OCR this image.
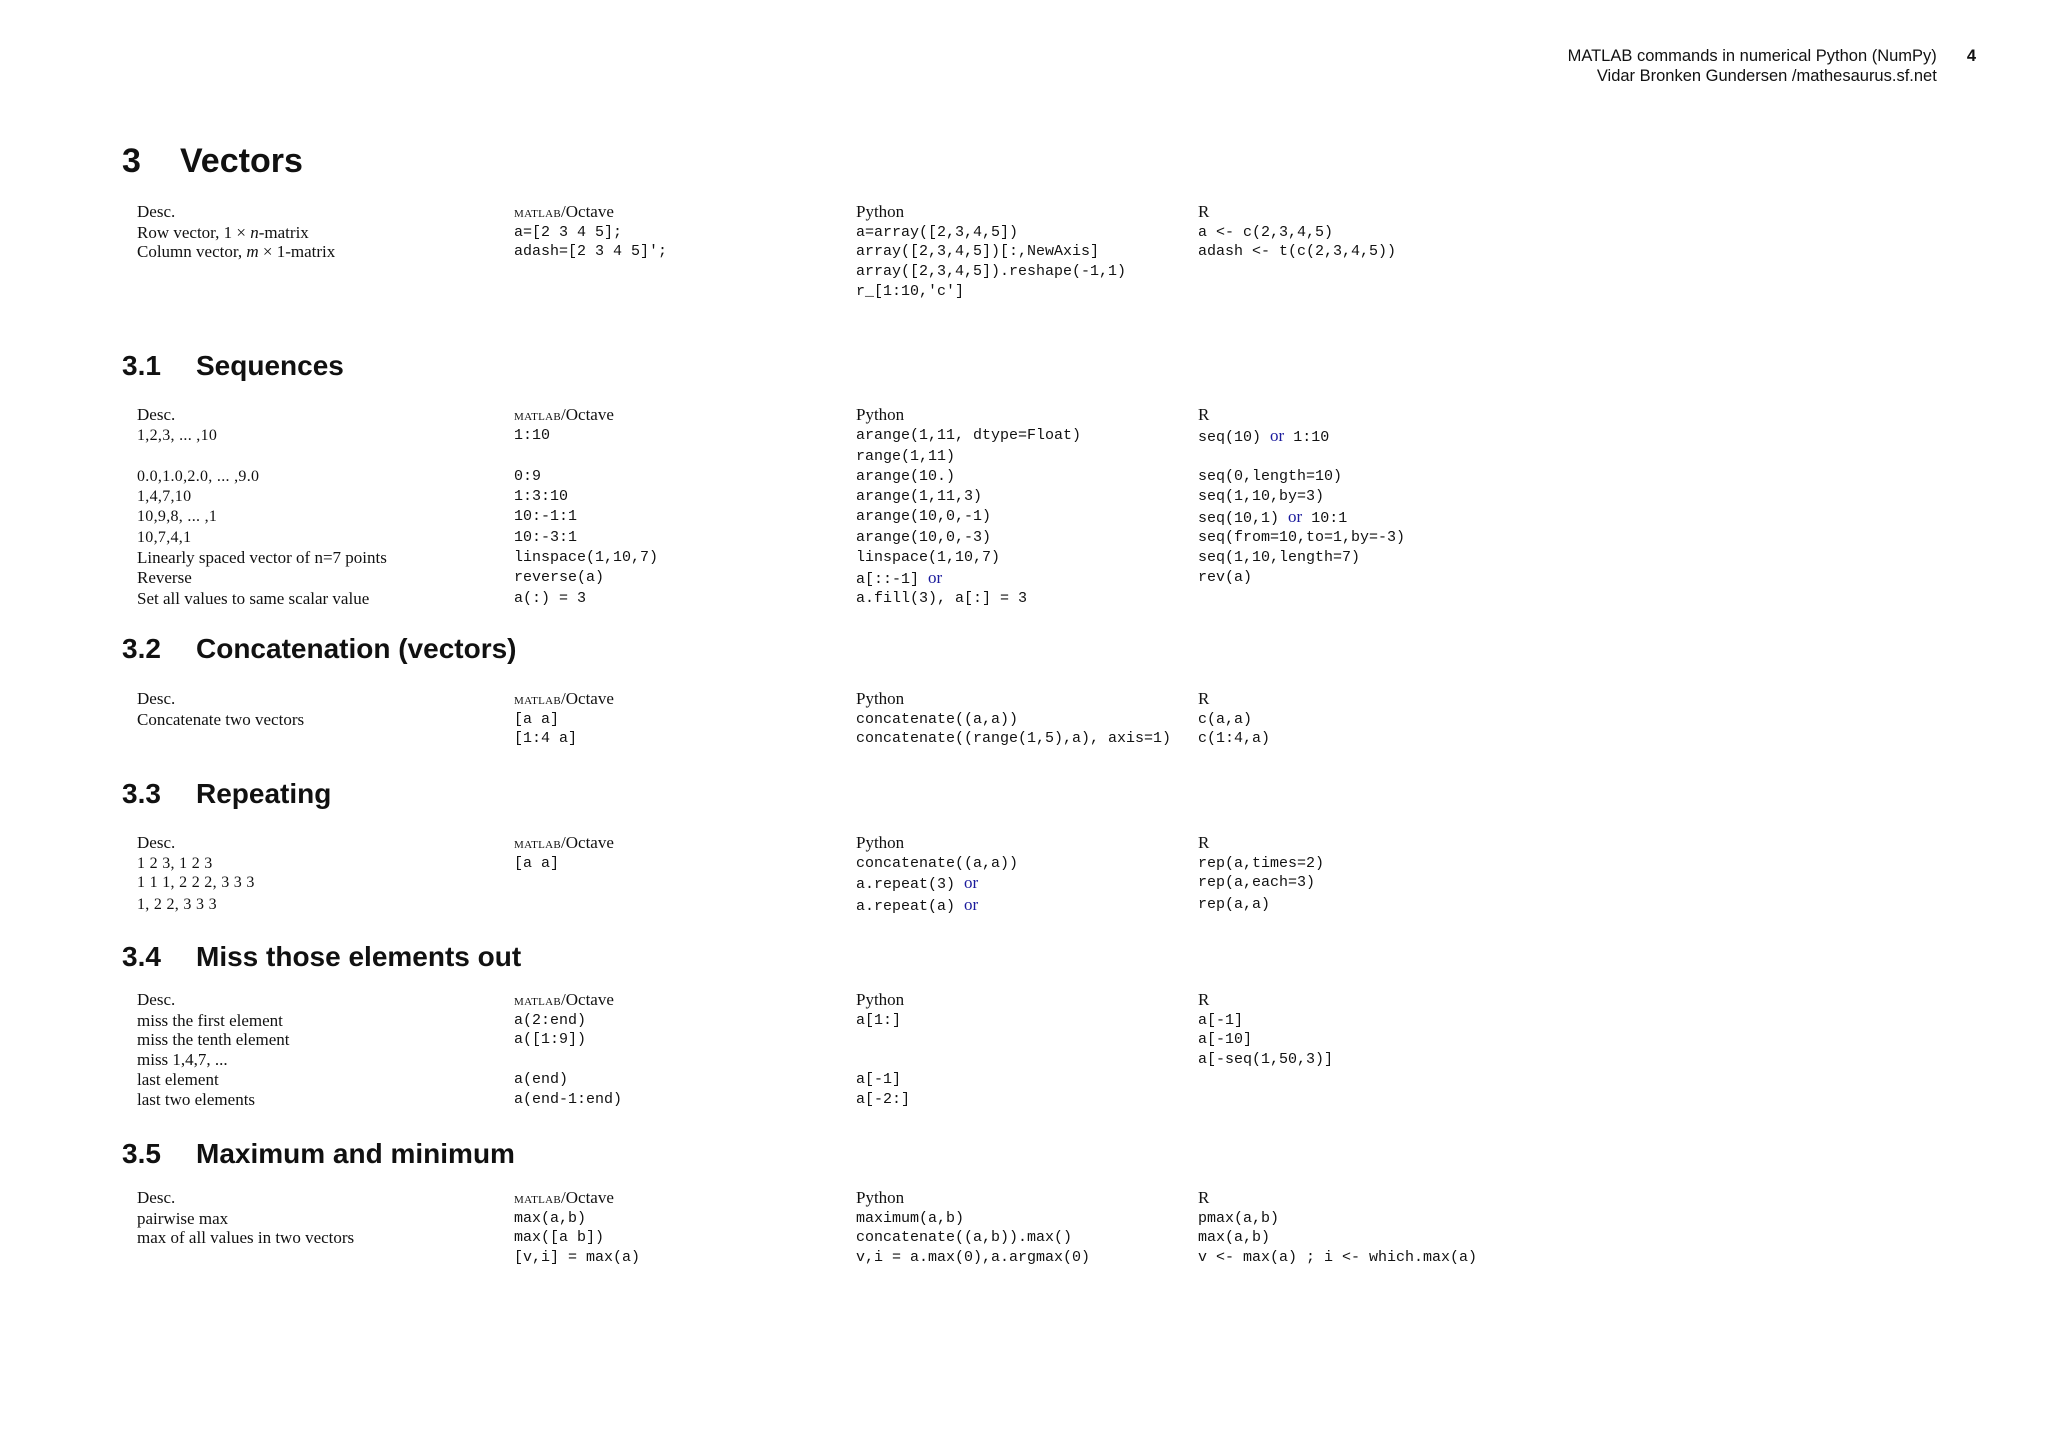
MATLAB commands in numerical Python (NumPy)
Vidar Bronken Gundersen /mathesaurus.sf.net
4
3 Vectors
Desc.	matlab/Octave	Python	R
Row vector, 1 × n-matrix	a=[2 3 4 5];	a=array([2,3,4,5])	a <- c(2,3,4,5)
Column vector, m × 1-matrix	adash=[2 3 4 5]';	array([2,3,4,5])[:,NewAxis]	adash <- t(c(2,3,4,5))
		array([2,3,4,5]).reshape(-1,1)	
		r_[1:10,'c']	
3.1 Sequences
Desc.	matlab/Octave	Python	R
1,2,3, ... ,10	1:10	arange(1,11, dtype=Float)	seq(10) or 1:10
		range(1,11)	
0.0,1.0,2.0, ... ,9.0	0:9	arange(10.)	seq(0,length=10)
1,4,7,10	1:3:10	arange(1,11,3)	seq(1,10,by=3)
10,9,8, ... ,1	10:-1:1	arange(10,0,-1)	seq(10,1) or 10:1
10,7,4,1	10:-3:1	arange(10,0,-3)	seq(from=10,to=1,by=-3)
Linearly spaced vector of n=7 points	linspace(1,10,7)	linspace(1,10,7)	seq(1,10,length=7)
Reverse	reverse(a)	a[::-1] or	rev(a)
Set all values to same scalar value	a(:) = 3	a.fill(3), a[:] = 3	
3.2 Concatenation (vectors)
Desc.	matlab/Octave	Python	R
Concatenate two vectors	[a a]	concatenate((a,a))	c(a,a)
	[1:4 a]	concatenate((range(1,5),a), axis=1)	c(1:4,a)
3.3 Repeating
Desc.	matlab/Octave	Python	R
1 2 3, 1 2 3	[a a]	concatenate((a,a))	rep(a,times=2)
1 1 1, 2 2 2, 3 3 3		a.repeat(3) or	rep(a,each=3)
1, 2 2, 3 3 3		a.repeat(a) or	rep(a,a)
3.4 Miss those elements out
Desc.	matlab/Octave	Python	R
miss the first element	a(2:end)	a[1:]	a[-1]
miss the tenth element	a([1:9])		a[-10]
miss 1,4,7, ...			a[-seq(1,50,3)]
last element	a(end)	a[-1]	
last two elements	a(end-1:end)	a[-2:]	
3.5 Maximum and minimum
Desc.	matlab/Octave	Python	R
pairwise max	max(a,b)	maximum(a,b)	pmax(a,b)
max of all values in two vectors	max([a b])	concatenate((a,b)).max()	max(a,b)
	[v,i] = max(a)	v,i = a.max(0),a.argmax(0)	v <- max(a) ; i <- which.max(a)
